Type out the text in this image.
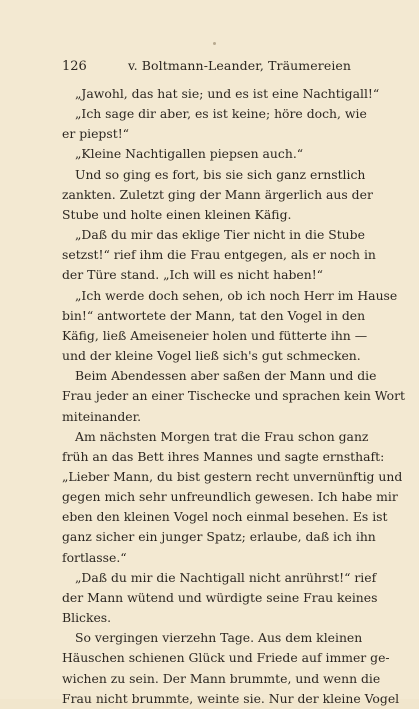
126	v. Boltmann-Leander, Träumereien

„Jawohl, das hat sie; und es ist eine Nachtigall!“

„Ich sage dir aber, es ist keine; höre doch, wie
er piepst!“

„Kleine Nachtigallen piepsen auch.“

Und so ging es fort, bis sie sich ganz ernstlich
zankten. Zuletzt ging der Mann ärgerlich aus der
Stube und holte einen kleinen Käfig.

„Daß du mir das eklige Tier nicht in die Stube
setzst!“ rief ihm die Frau entgegen, als er noch in
der Türe stand. „Ich will es nicht haben!“

„Ich werde doch sehen, ob ich noch Herr im Hause
bin!“ antwortete der Mann, tat den Vogel in den
Käfig, ließ Ameiseneier holen und fütterte ihn —
und der kleine Vogel ließ sich's gut schmecken.

Beim Abendessen aber saßen der Mann und die
Frau jeder an einer Tischecke und sprachen kein Wort
miteinander.

Am nächsten Morgen trat die Frau schon ganz
früh an das Bett ihres Mannes und sagte ernsthaft:
„Lieber Mann, du bist gestern recht unvernünftig und
gegen mich sehr unfreundlich gewesen. Ich habe mir
eben den kleinen Vogel noch einmal besehen. Es ist
ganz sicher ein junger Spatz; erlaube, daß ich ihn
fortlasse.“

„Daß du mir die Nachtigall nicht anrührst!“ rief
der Mann wütend und würdigte seine Frau keines
Blickes.

So vergingen vierzehn Tage. Aus dem kleinen
Häuschen schienen Glück und Friede auf immer ge-
wichen zu sein. Der Mann brummte, und wenn die
Frau nicht brummte, weinte sie. Nur der kleine Vogel
